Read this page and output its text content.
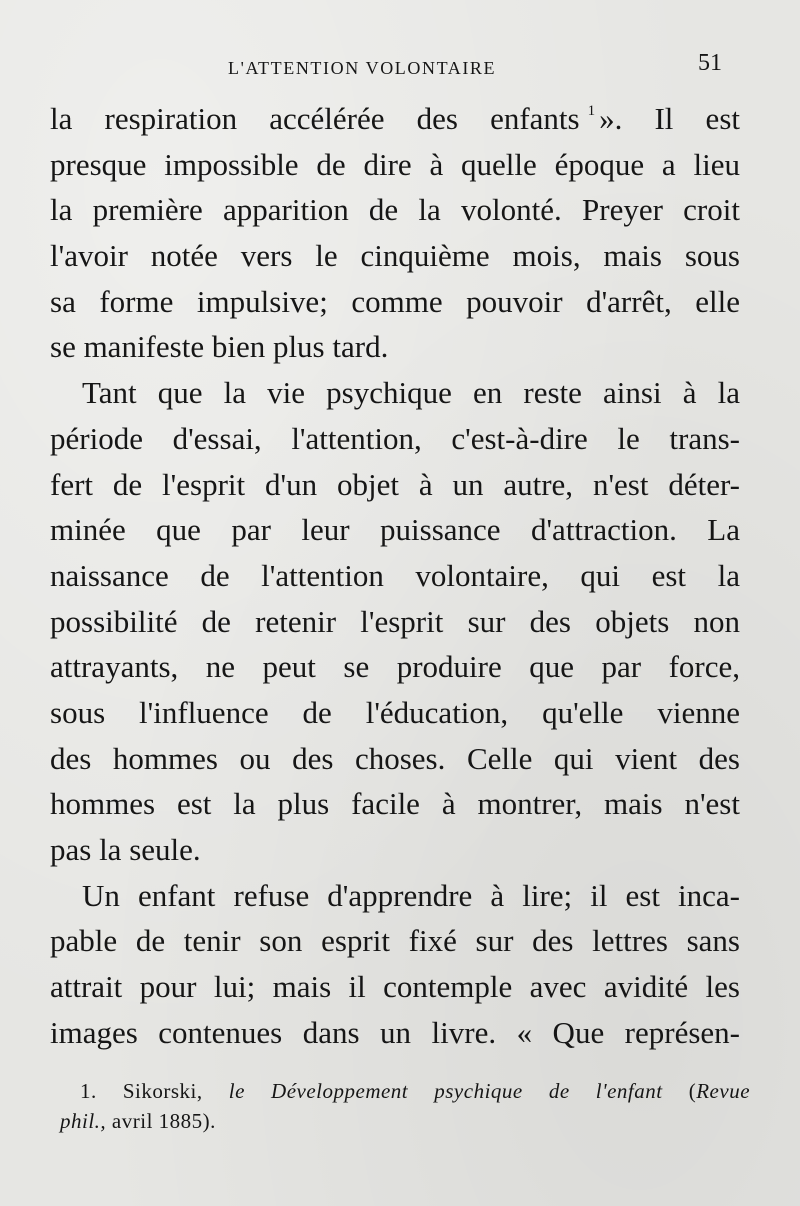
L'ATTENTION VOLONTAIRE	51
la respiration accélérée des enfants $^1$ ». Il est
presque impossible de dire à quelle époque a lieu
la première apparition de la volonté. Preyer croit
l'avoir notée vers le cinquième mois, mais sous
sa forme impulsive; comme pouvoir d'arrêt, elle
se manifeste bien plus tard.
Tant que la vie psychique en reste ainsi à la
période d'essai, l'attention, c'est-à-dire le trans-
fert de l'esprit d'un objet à un autre, n'est déter-
minée que par leur puissance d'attraction. La
naissance de l'attention volontaire, qui est la
possibilité de retenir l'esprit sur des objets non
attrayants, ne peut se produire que par force,
sous l'influence de l'éducation, qu'elle vienne
des hommes ou des choses. Celle qui vient des
hommes est la plus facile à montrer, mais n'est
pas la seule.
Un enfant refuse d'apprendre à lire; il est inca-
pable de tenir son esprit fixé sur des lettres sans
attrait pour lui; mais il contemple avec avidité les
images contenues dans un livre. « Que représen-
1. Sikorski, le Développement psychique de l'enfant (Revue
phil., avril 1885).
